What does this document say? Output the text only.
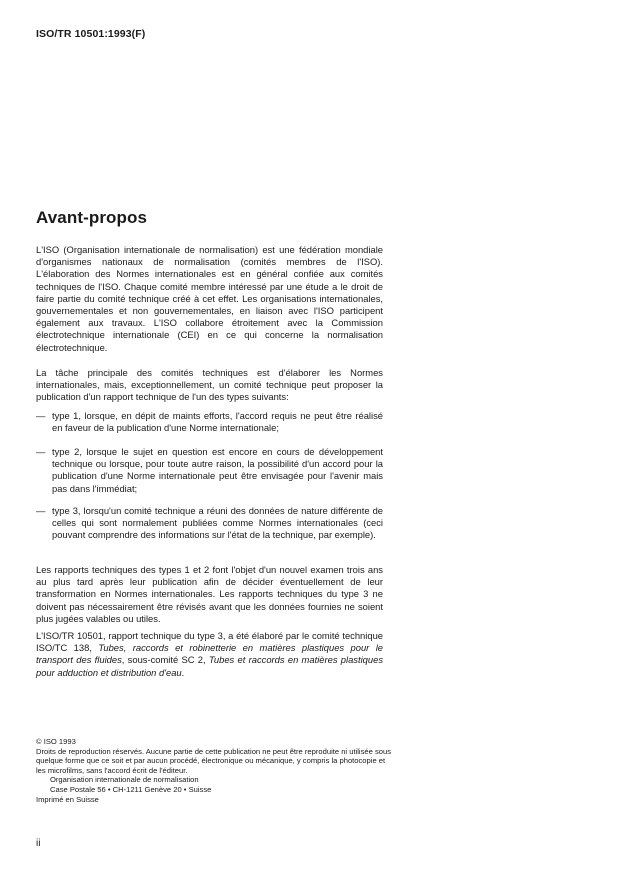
ISO/TR 10501:1993(F)
Avant-propos

L'ISO (Organisation internationale de normalisation) est une fédération mondiale d'organismes nationaux de normalisation (comités membres de l'ISO). L'élaboration des Normes internationales est en général confiée aux comités techniques de l'ISO. Chaque comité membre intéressé par une étude a le droit de faire partie du comité technique créé à cet effet. Les organisations internationales, gouvernementales et non gouvernementales, en liaison avec l'ISO participent également aux travaux. L'ISO collabore étroitement avec la Commission électrotechnique internationale (CEI) en ce qui concerne la normalisation électrotechnique.

La tâche principale des comités techniques est d'élaborer les Normes internationales, mais, exceptionnellement, un comité technique peut proposer la publication d'un rapport technique de l'un des types suivants:

— type 1, lorsque, en dépit de maints efforts, l'accord requis ne peut être réalisé en faveur de la publication d'une Norme internationale;
— type 2, lorsque le sujet en question est encore en cours de développement technique ou lorsque, pour toute autre raison, la possibilité d'un accord pour la publication d'une Norme internationale peut être envisagée pour l'avenir mais pas dans l'immédiat;
— type 3, lorsqu'un comité technique a réuni des données de nature différente de celles qui sont normalement publiées comme Normes internationales (ceci pouvant comprendre des informations sur l'état de la technique, par exemple).

Les rapports techniques des types 1 et 2 font l'objet d'un nouvel examen trois ans au plus tard après leur publication afin de décider éventuellement de leur transformation en Normes internationales. Les rapports techniques du type 3 ne doivent pas nécessairement être révisés avant que les données fournies ne soient plus jugées valables ou utiles.

L'ISO/TR 10501, rapport technique du type 3, a été élaboré par le comité technique ISO/TC 138, Tubes, raccords et robinetterie en matières plastiques pour le transport des fluides, sous-comité SC 2, Tubes et raccords en matières plastiques pour adduction et distribution d'eau.

© ISO 1993
Droits de reproduction réservés. Aucune partie de cette publication ne peut être reproduite ni utilisée sous quelque forme que ce soit et par aucun procédé, électronique ou mécanique, y compris la photocopie et les microfilms, sans l'accord écrit de l'éditeur.
Organisation internationale de normalisation
Case Postale 56 • CH-1211 Genève 20 • Suisse
Imprimé en Suisse
ii
